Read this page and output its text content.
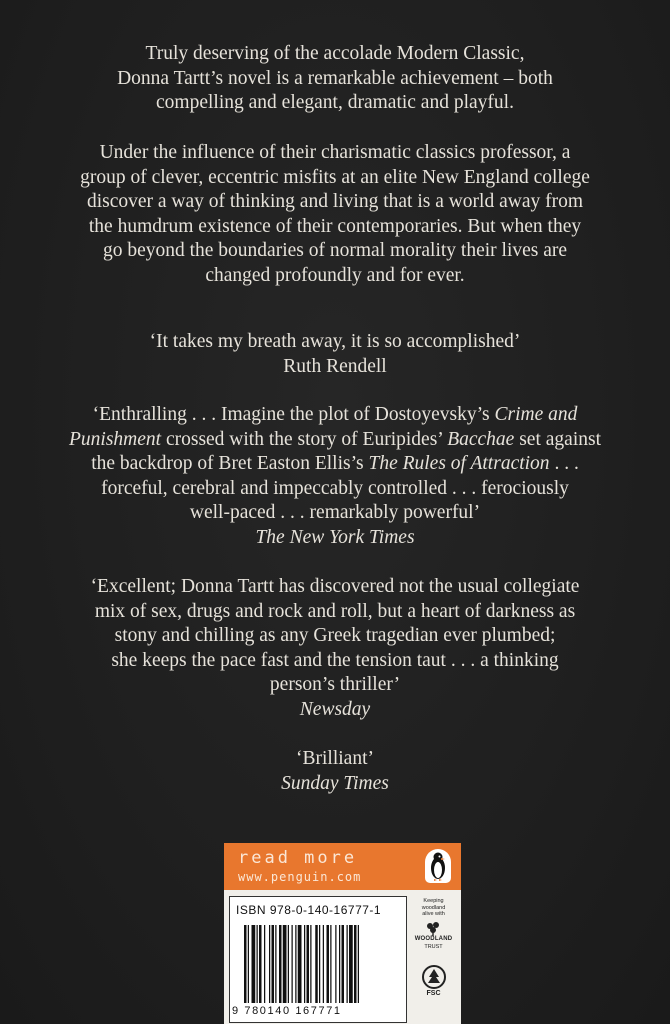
Truly deserving of the accolade Modern Classic,
Donna Tartt’s novel is a remarkable achievement – both
compelling and elegant, dramatic and playful.

Under the influence of their charismatic classics professor, a
group of clever, eccentric misfits at an elite New England college
discover a way of thinking and living that is a world away from
the humdrum existence of their contemporaries. But when they
go beyond the boundaries of normal morality their lives are
changed profoundly and for ever.

‘It takes my breath away, it is so accomplished’
Ruth Rendell

‘Enthralling . . . Imagine the plot of Dostoyevsky’s Crime and
Punishment crossed with the story of Euripides’ Bacchae set against
the backdrop of Bret Easton Ellis’s The Rules of Attraction . . .
forceful, cerebral and impeccably controlled . . . ferociously
well-paced . . . remarkably powerful’
The New York Times

‘Excellent; Donna Tartt has discovered not the usual collegiate
mix of sex, drugs and rock and roll, but a heart of darkness as
stony and chilling as any Greek tragedian ever plumbed;
she keeps the pace fast and the tension taut . . . a thinking
person’s thriller’
Newsday

‘Brilliant’
Sunday Times

read more
www.penguin.com
ISBN 978-0-140-16777-1
9 780140 167771
Keeping
woodland
alive with
WOODLAND
TRUST
FSC
